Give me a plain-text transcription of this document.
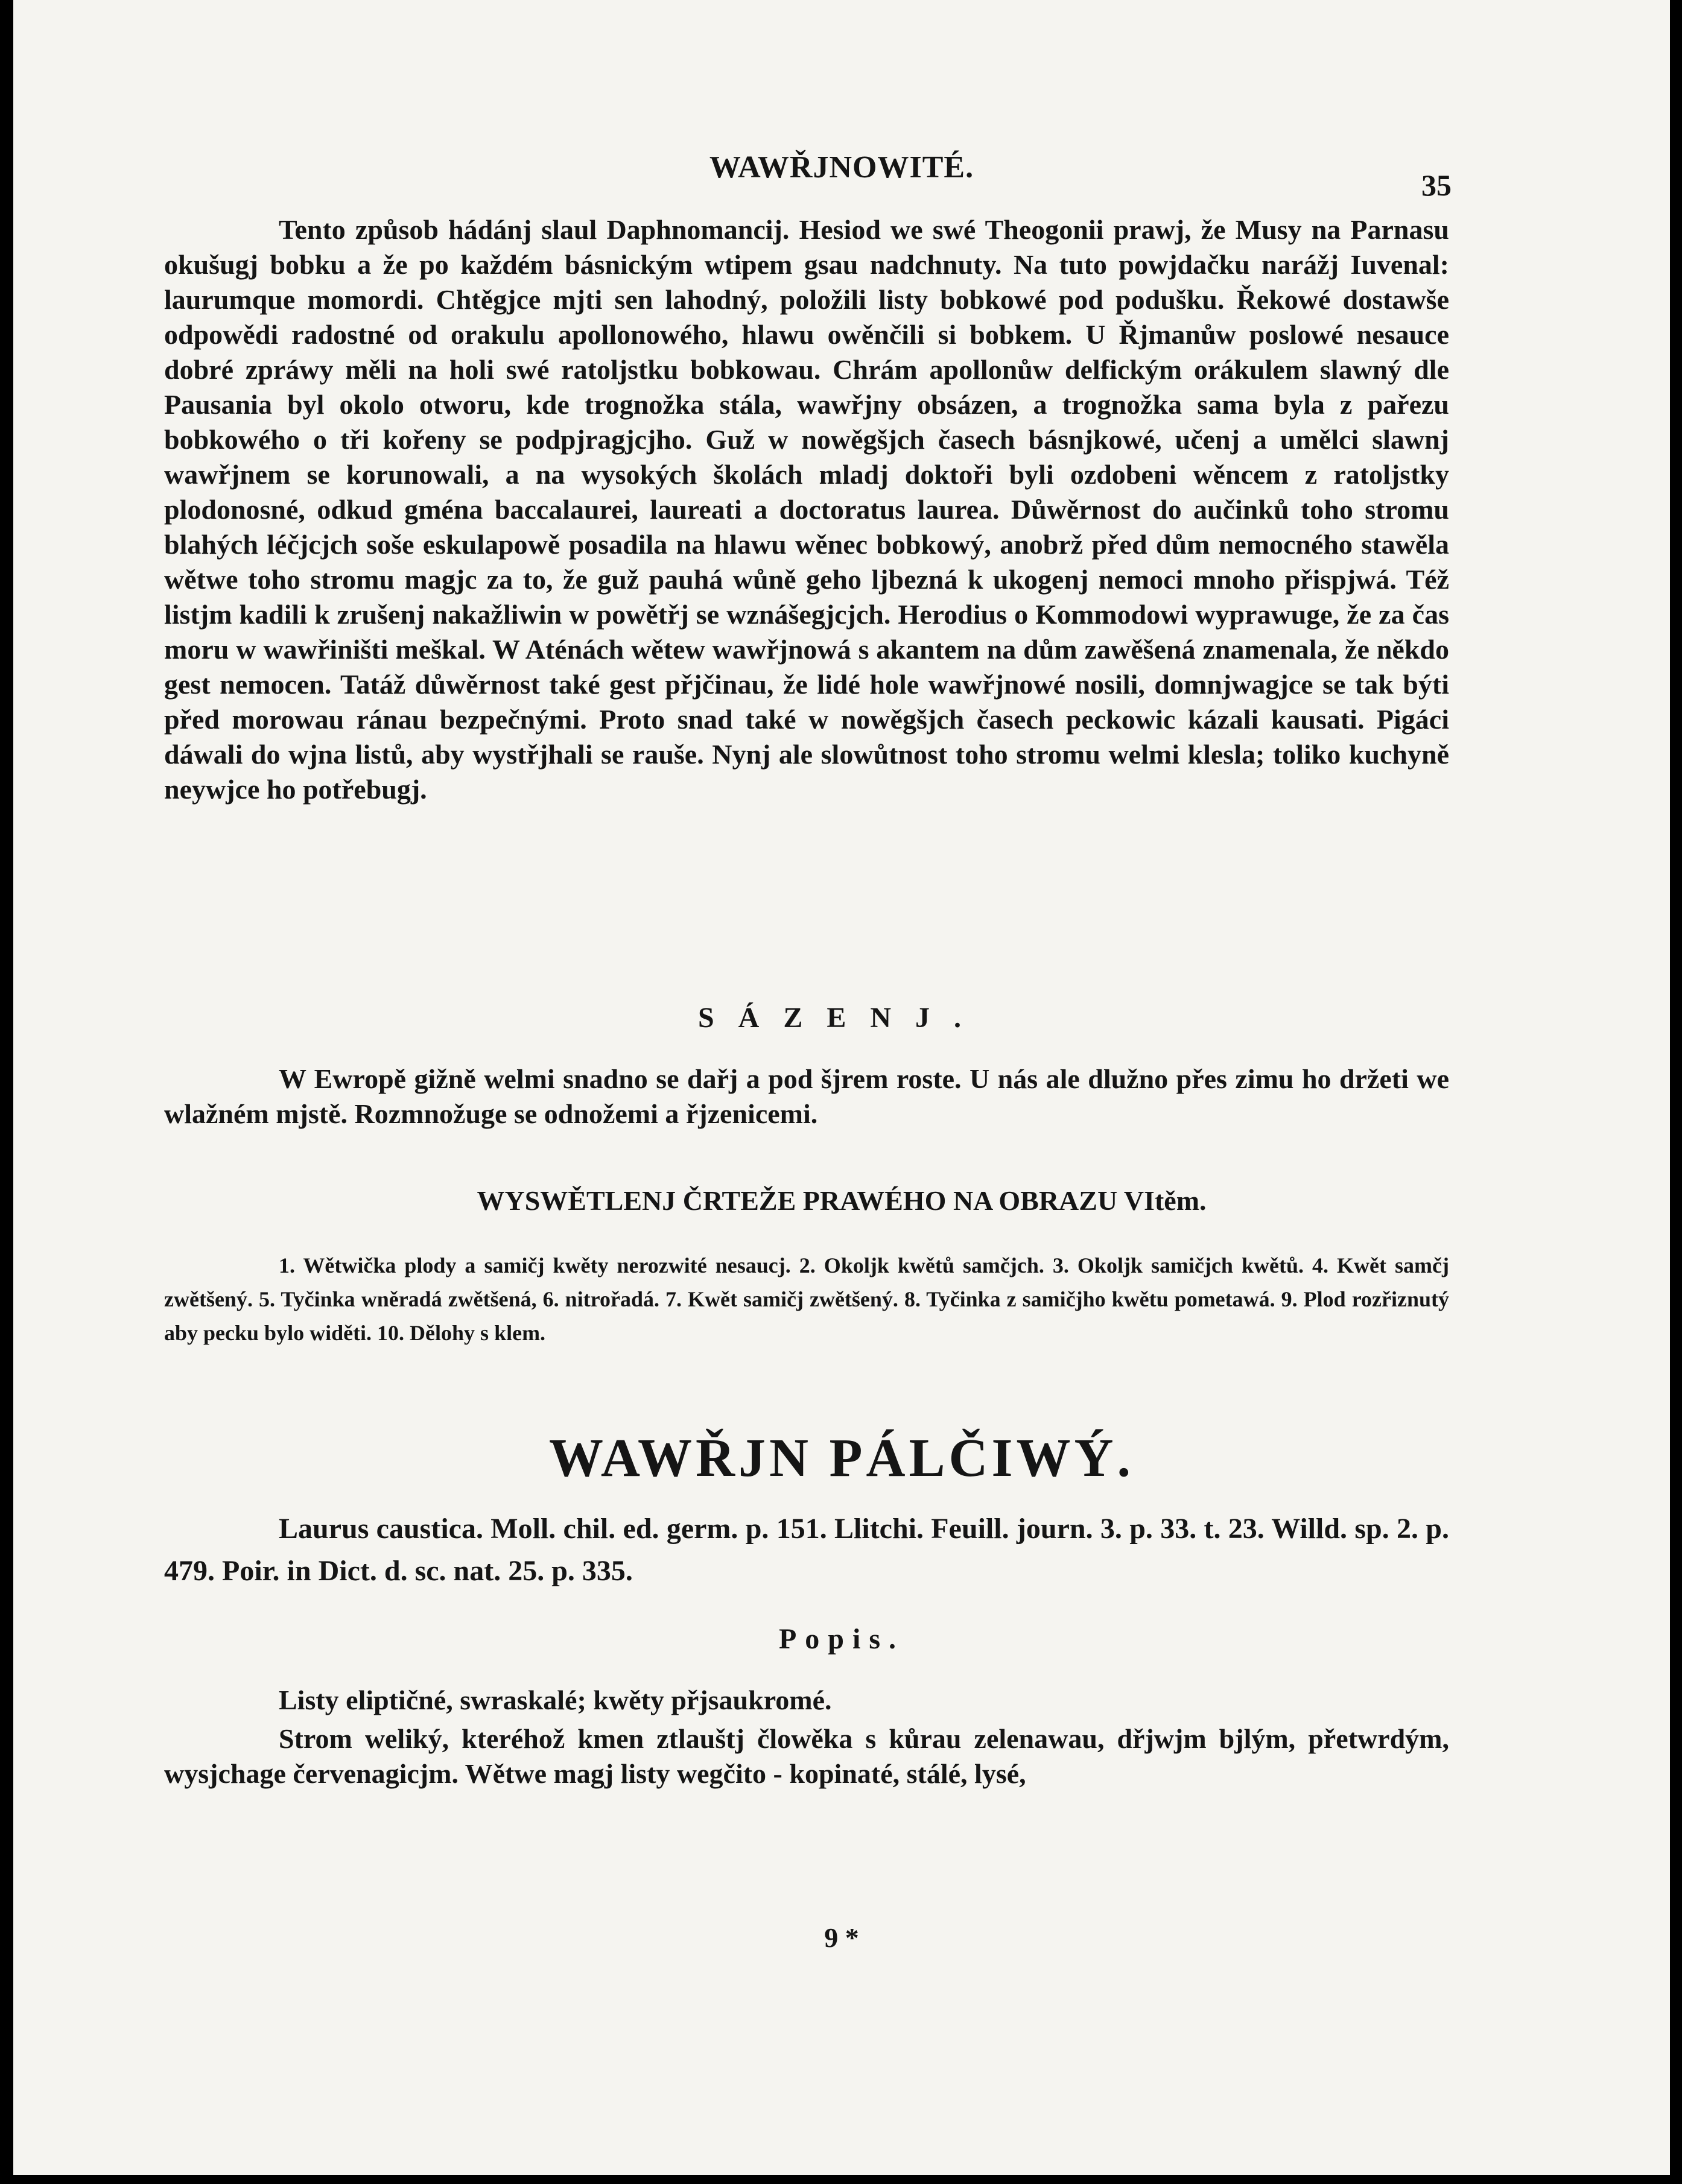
WAWŘJNOWITÉ.
35

Tento způsob hádánj slaul Daphnomancij. Hesiod we swé Theogonii prawj, že Musy na Parnasu okušugj bobku a že po každém básnickým wtipem gsau nadchnuty. Na tuto powjdačku narážj Iuvenal: laurumque momordi. Chtěgjce mjti sen lahodný, položili listy bobkowé pod podušku. Řekowé dostawše odpowědi radostné od orakulu apollonowého, hlawu owěnčili si bobkem. U Řjmanůw poslowé nesauce dobré zpráwy měli na holi swé ratoljstku bobkowau. Chrám apollonůw delfickým orákulem slawný dle Pausania byl okolo otworu, kde trognožka stála, wawřjny obsázen, a trognožka sama byla z pařezu bobkowého o tři kořeny se podpjragjcjho. Guž w nowěgšjch časech básnjkowé, učenj a umělci slawnj wawřjnem se korunowali, a na wysokých školách mladj doktoři byli ozdobeni wěncem z ratoljstky plodonosné, odkud gména baccalaurei, laureati a doctoratus laurea. Důwěrnost do aučinků toho stromu blahých léčjcjch soše eskulapowě posadila na hlawu wěnec bobkowý, anobrž před dům nemocného stawěla wětwe toho stromu magjc za to, že guž pauhá wůně geho ljbezná k ukogenj nemoci mnoho přispjwá. Též listjm kadili k zrušenj nakažliwin w powětřj se wznášegjcjch. Herodius o Kommodowi wyprawuge, že za čas moru w wawřiništi meškal. W Aténách wětew wawřjnowá s akantem na dům zawěšená znamenala, že někdo gest nemocen. Tatáž důwěrnost také gest přjčinau, že lidé hole wawřjnowé nosili, domnjwagjce se tak býti před morowau ránau bezpečnými. Proto snad také w nowěgšjch časech peckowic kázali kausati. Pigáci dáwali do wjna listů, aby wystřjhali se rauše. Nynj ale slowůtnost toho stromu welmi klesla; toliko kuchyně neywjce ho potřebugj.

SÁZENJ.

W Ewropě gižně welmi snadno se dařj a pod šjrem roste. U nás ale dlužno přes zimu ho držeti we wlažném mjstě. Rozmnožuge se odnožemi a řjzenicemi.

WYSWĚTLENJ ČRTEŽE PRAWÉHO NA OBRAZU VItěm.

1. Wětwička plody a samičj kwěty nerozwité nesaucj. 2. Okoljk kwětů samčjch. 3. Okoljk samičjch kwětů. 4. Kwět samčj zwětšený. 5. Tyčinka wněradá zwětšená, 6. nitrořadá. 7. Kwět samičj zwětšený. 8. Tyčinka z samičjho kwětu pometawá. 9. Plod rozřiznutý aby pecku bylo widěti. 10. Dělohy s klem.

WAWŘJN PÁLČIWÝ.

Laurus caustica. Moll. chil. ed. germ. p. 151. Llitchi. Feuill. journ. 3. p. 33. t. 23. Willd. sp. 2. p. 479. Poir. in Dict. d. sc. nat. 25. p. 335.

Popis.

Listy eliptičné, swraskalé; kwěty přjsaukromé.

Strom weliký, kteréhož kmen ztlauštj člowěka s kůrau zelenawau, dřjwjm bjlým, přetwrdým, wysjchage červenagicjm. Wětwe magj listy wegčito - kopinaté, stálé, lysé,

9 *
